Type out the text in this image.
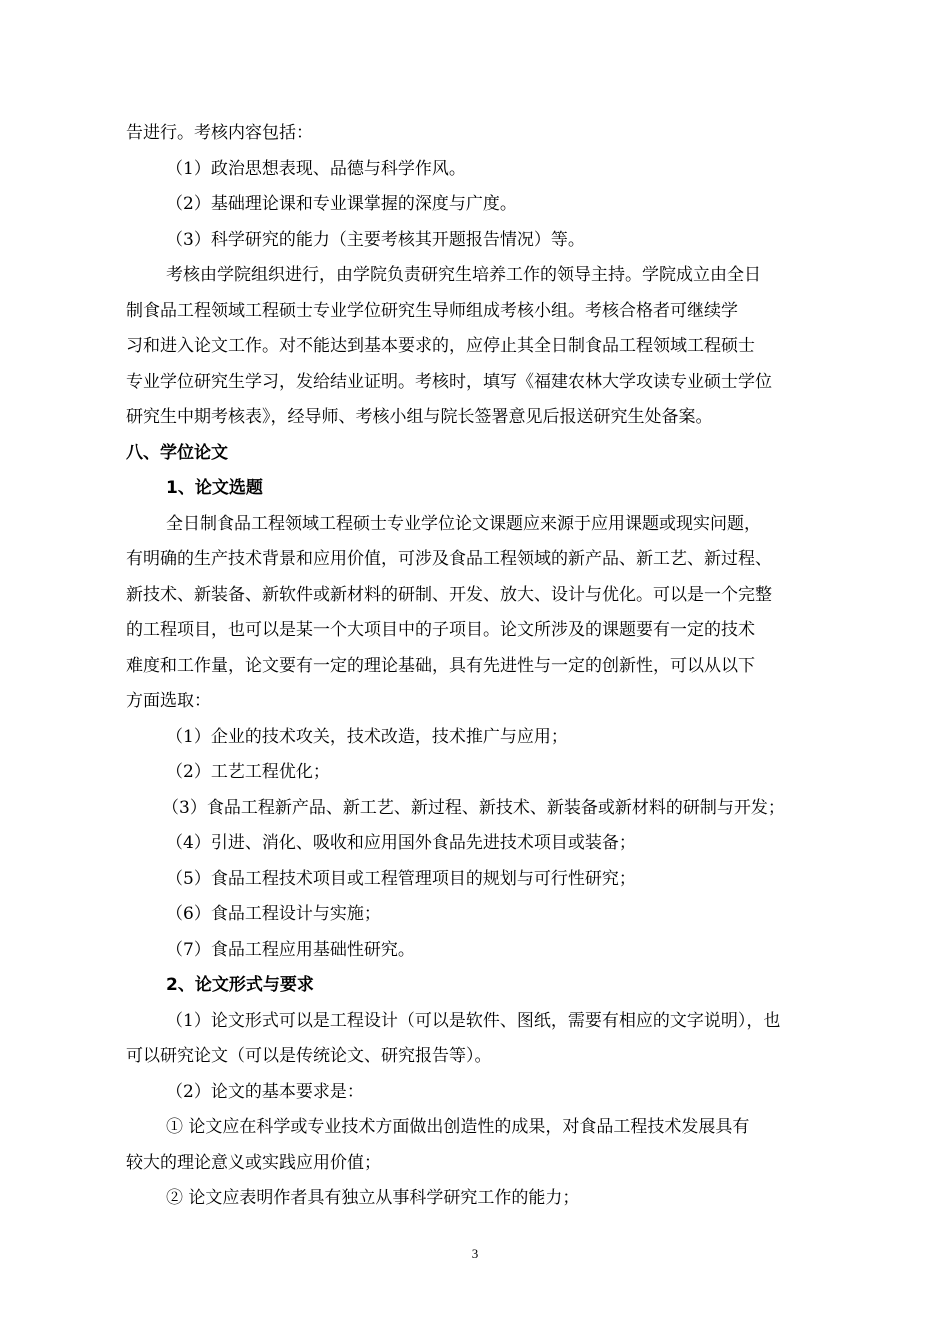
告进行。考核内容包括：
（1）政治思想表现、品德与科学作风。
（2）基础理论课和专业课掌握的深度与广度。
（3）科学研究的能力（主要考核其开题报告情况）等。
考核由学院组织进行，由学院负责研究生培养工作的领导主持。学院成立由全日
制食品工程领域工程硕士专业学位研究生导师组成考核小组。考核合格者可继续学
习和进入论文工作。对不能达到基本要求的，应停止其全日制食品工程领域工程硕士
专业学位研究生学习，发给结业证明。考核时，填写《福建农林大学攻读专业硕士学位
研究生中期考核表》，经导师、考核小组与院长签署意见后报送研究生处备案。
八、学位论文
1、论文选题
全日制食品工程领域工程硕士专业学位论文课题应来源于应用课题或现实问题，
有明确的生产技术背景和应用价值，可涉及食品工程领域的新产品、新工艺、新过程、
新技术、新装备、新软件或新材料的研制、开发、放大、设计与优化。可以是一个完整
的工程项目，也可以是某一个大项目中的子项目。论文所涉及的课题要有一定的技术
难度和工作量，论文要有一定的理论基础，具有先进性与一定的创新性，可以从以下
方面选取：
（1）企业的技术攻关，技术改造，技术推广与应用；
（2）工艺工程优化；
（3）食品工程新产品、新工艺、新过程、新技术、新装备或新材料的研制与开发；
（4）引进、消化、吸收和应用国外食品先进技术项目或装备；
（5）食品工程技术项目或工程管理项目的规划与可行性研究；
（6）食品工程设计与实施；
（7）食品工程应用基础性研究。
2、论文形式与要求
（1）论文形式可以是工程设计（可以是软件、图纸，需要有相应的文字说明），也
可以研究论文（可以是传统论文、研究报告等）。
（2）论文的基本要求是：
① 论文应在科学或专业技术方面做出创造性的成果，对食品工程技术发展具有
较大的理论意义或实践应用价值；
② 论文应表明作者具有独立从事科学研究工作的能力；
3
